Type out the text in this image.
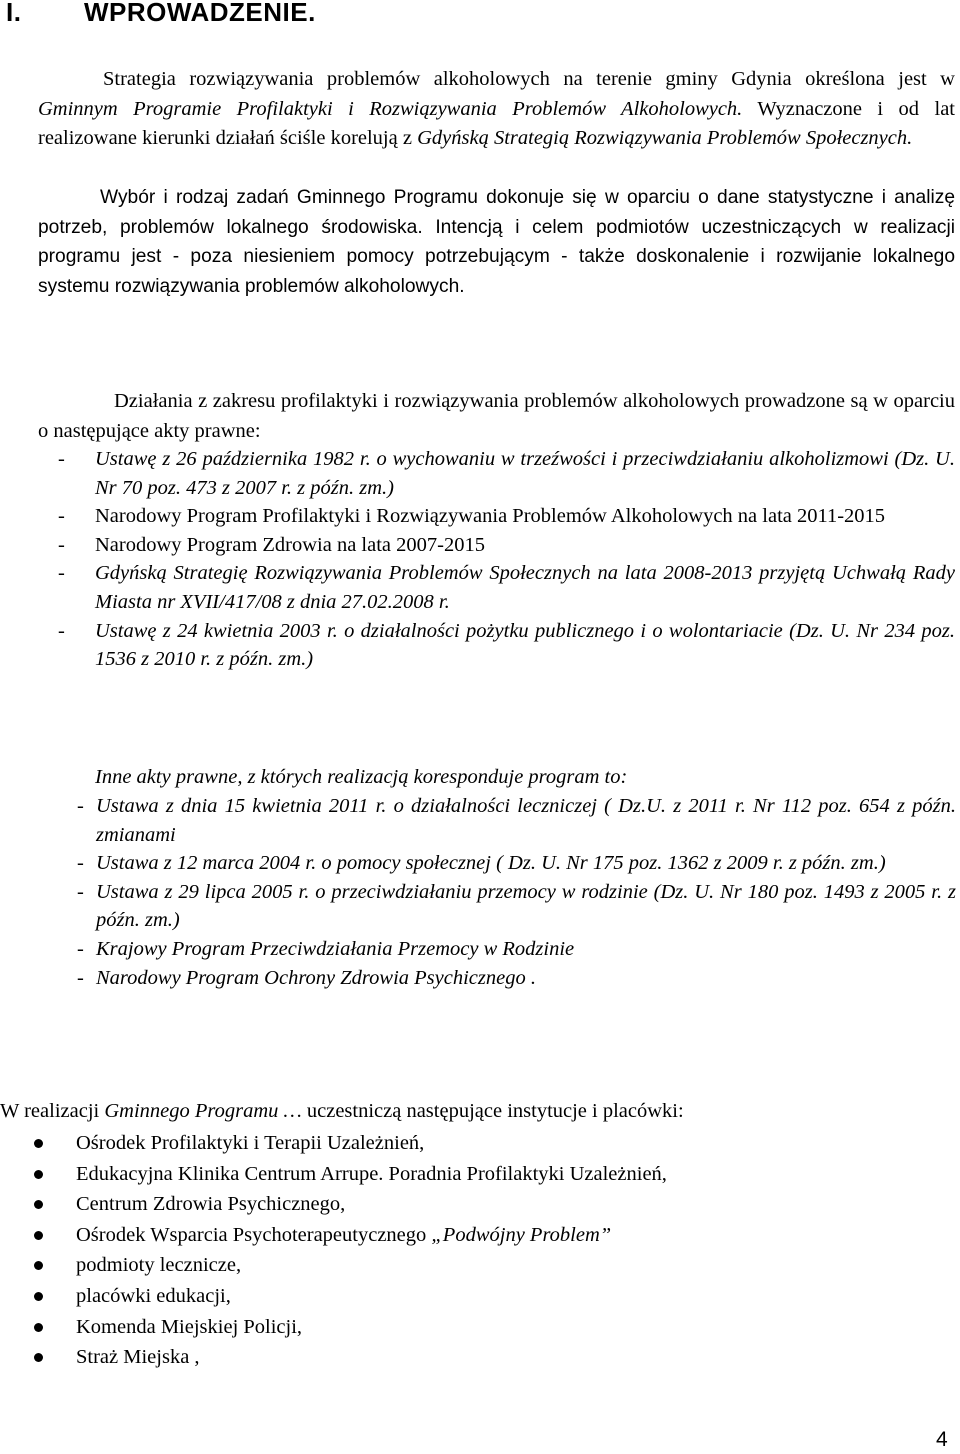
I. WPROWADZENIE.

Strategia rozwiązywania problemów alkoholowych na terenie gminy Gdynia określona jest w Gminnym Programie Profilaktyki i Rozwiązywania Problemów Alkoholowych. Wyznaczone i od lat realizowane kierunki działań ściśle korelują z Gdyńską Strategią Rozwiązywania Problemów Społecznych.

Wybór i rodzaj zadań Gminnego Programu dokonuje się w oparciu o dane statystyczne i analizę potrzeb, problemów lokalnego środowiska. Intencją i celem podmiotów uczestniczących w realizacji programu jest - poza niesieniem pomocy potrzebującym - także doskonalenie i rozwijanie lokalnego systemu rozwiązywania problemów alkoholowych.

Działania z zakresu profilaktyki i rozwiązywania problemów alkoholowych prowadzone są w oparciu o następujące akty prawne:

- Ustawę z 26 października 1982 r. o wychowaniu w trzeźwości i przeciwdziałaniu alkoholizmowi (Dz. U. Nr 70 poz. 473 z 2007 r. z późn. zm.)
- Narodowy Program Profilaktyki i Rozwiązywania Problemów Alkoholowych na lata 2011-2015
- Narodowy Program Zdrowia na lata 2007-2015
- Gdyńską Strategię Rozwiązywania Problemów Społecznych na lata 2008-2013 przyjętą Uchwałą Rady Miasta nr XVII/417/08 z dnia 27.02.2008 r.
- Ustawę z 24 kwietnia 2003 r. o działalności pożytku publicznego i o wolontariacie (Dz. U. Nr 234 poz. 1536 z 2010 r. z późn. zm.)

Inne akty prawne, z których realizacją koresponduje program to:

- Ustawa z dnia 15 kwietnia 2011 r. o działalności leczniczej ( Dz.U. z 2011 r. Nr 112 poz. 654 z późn. zmianami
- Ustawa z 12 marca 2004 r. o pomocy społecznej ( Dz. U. Nr 175 poz. 1362 z 2009 r. z późn. zm.)
- Ustawa z 29 lipca 2005 r. o przeciwdziałaniu przemocy w rodzinie (Dz. U. Nr 180 poz. 1493 z 2005 r. z późn. zm.)
- Krajowy Program Przeciwdziałania Przemocy w Rodzinie
- Narodowy Program Ochrony Zdrowia Psychicznego .

W realizacji Gminnego Programu … uczestniczą następujące instytucje i placówki:

Ośrodek Profilaktyki i Terapii Uzależnień,
Edukacyjna Klinika Centrum Arrupe. Poradnia Profilaktyki Uzależnień,
Centrum Zdrowia Psychicznego,
Ośrodek Wsparcia Psychoterapeutycznego „Podwójny Problem”
podmioty lecznicze,
placówki edukacji,
Komenda Miejskiej Policji,
Straż Miejska ,

4
